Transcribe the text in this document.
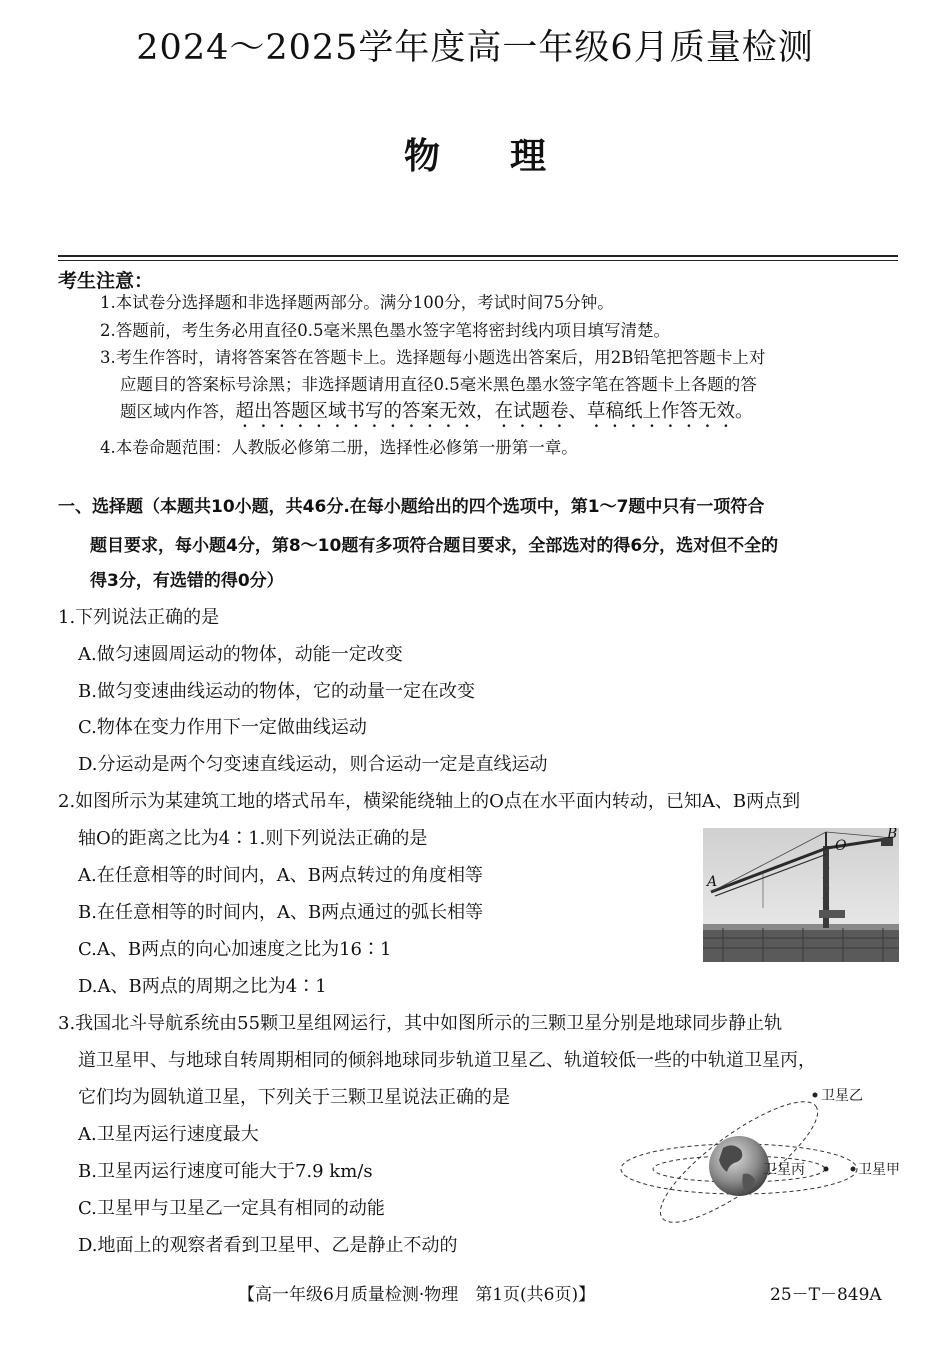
2024～2025学年度高一年级6月质量检测
物理
考生注意：
1.本试卷分选择题和非选择题两部分。满分100分，考试时间75分钟。
2.答题前，考生务必用直径0.5毫米黑色墨水签字笔将密封线内项目填写清楚。
3.考生作答时，请将答案答在答题卡上。选择题每小题选出答案后，用2B铅笔把答题卡上对
应题目的答案标号涂黑；非选择题请用直径0.5毫米黑色墨水签字笔在答题卡上各题的答
题区域内作答，超出答题区域书写的答案无效，在试题卷、草稿纸上作答无效。
4.本卷命题范围：人教版必修第二册，选择性必修第一册第一章。
一、选择题（本题共10小题，共46分.在每小题给出的四个选项中，第1～7题中只有一项符合
题目要求，每小题4分，第8～10题有多项符合题目要求，全部选对的得6分，选对但不全的
得3分，有选错的得0分）
1.下列说法正确的是
A.做匀速圆周运动的物体，动能一定改变
B.做匀变速曲线运动的物体，它的动量一定在改变
C.物体在变力作用下一定做曲线运动
D.分运动是两个匀变速直线运动，则合运动一定是直线运动
2.如图所示为某建筑工地的塔式吊车，横梁能绕轴上的O点在水平面内转动，已知A、B两点到
轴O的距离之比为4∶1.则下列说法正确的是
A.在任意相等的时间内，A、B两点转过的角度相等
B.在任意相等的时间内，A、B两点通过的弧长相等
C.A、B两点的向心加速度之比为16∶1
D.A、B两点的周期之比为4∶1
A
O
B
3.我国北斗导航系统由55颗卫星组网运行，其中如图所示的三颗卫星分别是地球同步静止轨
道卫星甲、与地球自转周期相同的倾斜地球同步轨道卫星乙、轨道较低一些的中轨道卫星丙，
它们均为圆轨道卫星，下列关于三颗卫星说法正确的是
A.卫星丙运行速度最大
B.卫星丙运行速度可能大于7.9 km/s
C.卫星甲与卫星乙一定具有相同的动能
D.地面上的观察者看到卫星甲、乙是静止不动的
卫星乙
卫星丙	卫星甲
【高一年级6月质量检测·物理　第1页(共6页)】	25－T－849A
